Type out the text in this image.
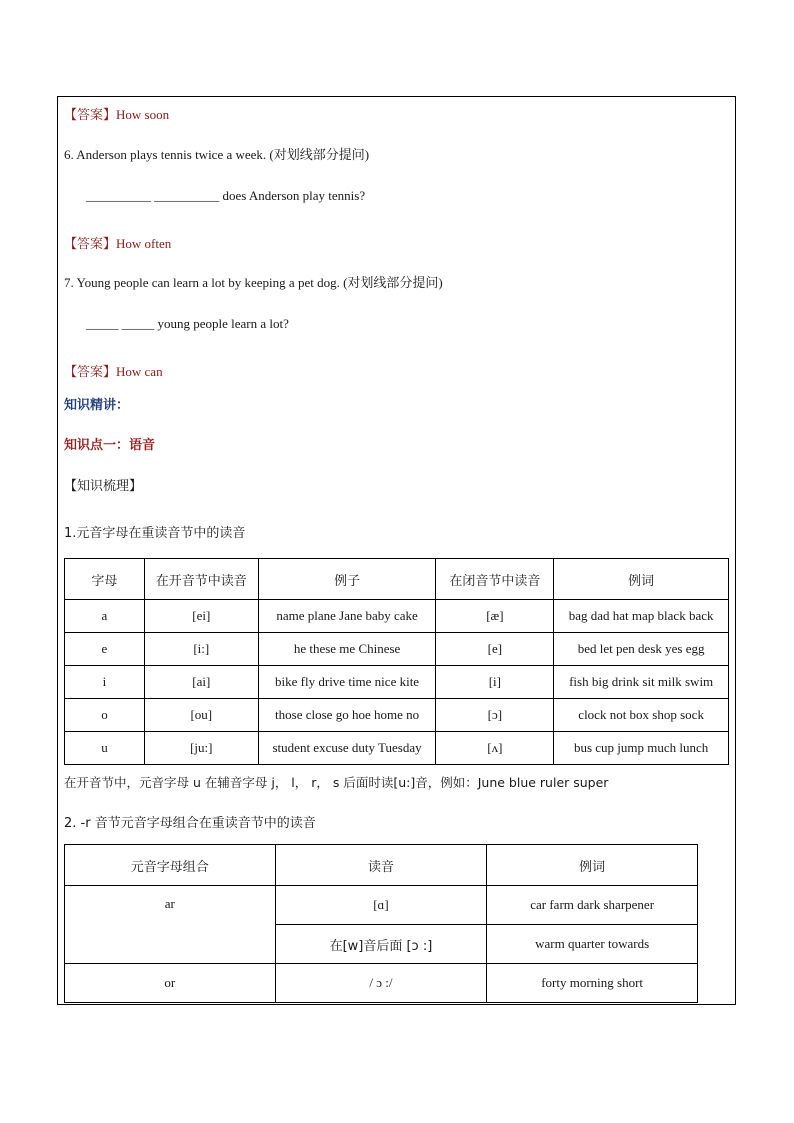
【答案】How soon
6. Anderson plays tennis twice a week. (对划线部分提问)
__________ __________ does Anderson play tennis?
【答案】How often
7. Young people can learn a lot by keeping a pet dog. (对划线部分提问)
_____ _____ young people learn a lot?
【答案】How can
知识精讲：
知识点一：语音
【知识梳理】
1.元音字母在重读音节中的读音
字母	在开音节中读音	例子	在闭音节中读音	例词
a	[ei]	name plane Jane baby cake	[æ]	bag dad hat map black back
e	[i:]	he these me Chinese	[e]	bed let pen desk yes egg
i	[ai]	bike fly drive time nice kite	[i]	fish big drink sit milk swim
o	[ou]	those close go hoe home no	[ɔ]	clock not box shop sock
u	[ju:]	student excuse duty Tuesday	[ʌ]	bus cup jump much lunch
在开音节中，元音字母 u 在辅音字母 j， l， r， s 后面时读[u:]音，例如：June blue ruler super
2. -r 音节元音字母组合在重读音节中的读音
元音字母组合	读音	例词
ar	[ɑ]	car farm dark sharpener
	在[w]音后面 [ɔ :]	warm quarter towards
or	/ ɔ :/	forty morning short
